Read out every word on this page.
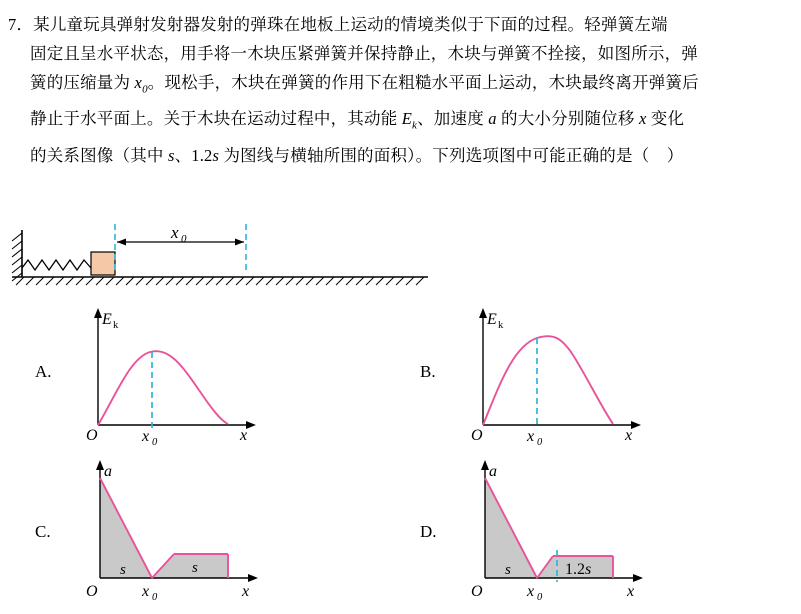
7．某儿童玩具弹射发射器发射的弹珠在地板上运动的情境类似于下面的过程。轻弹簧左端
固定且呈水平状态，用手将一木块压紧弹簧并保持静止，木块与弹簧不拴接，如图所示，弹
簧的压缩量为 $x_0$。现松手，木块在弹簧的作用下在粗糙水平面上运动，木块最终离开弹簧后
静止于水平面上。关于木块在运动过程中，其动能 $E_k$、加速度 a 的大小分别随位移 x 变化
的关系图像（其中 s、1.2s 为图线与横轴所围的面积）。下列选项图中可能正确的是（    ）
x 0
A.
E k
x
O	x 0
B.
E k
x
O	x 0
C.
a
x
O	x 0
s	s
D.
a
x
O	x 0
s	1.2s
